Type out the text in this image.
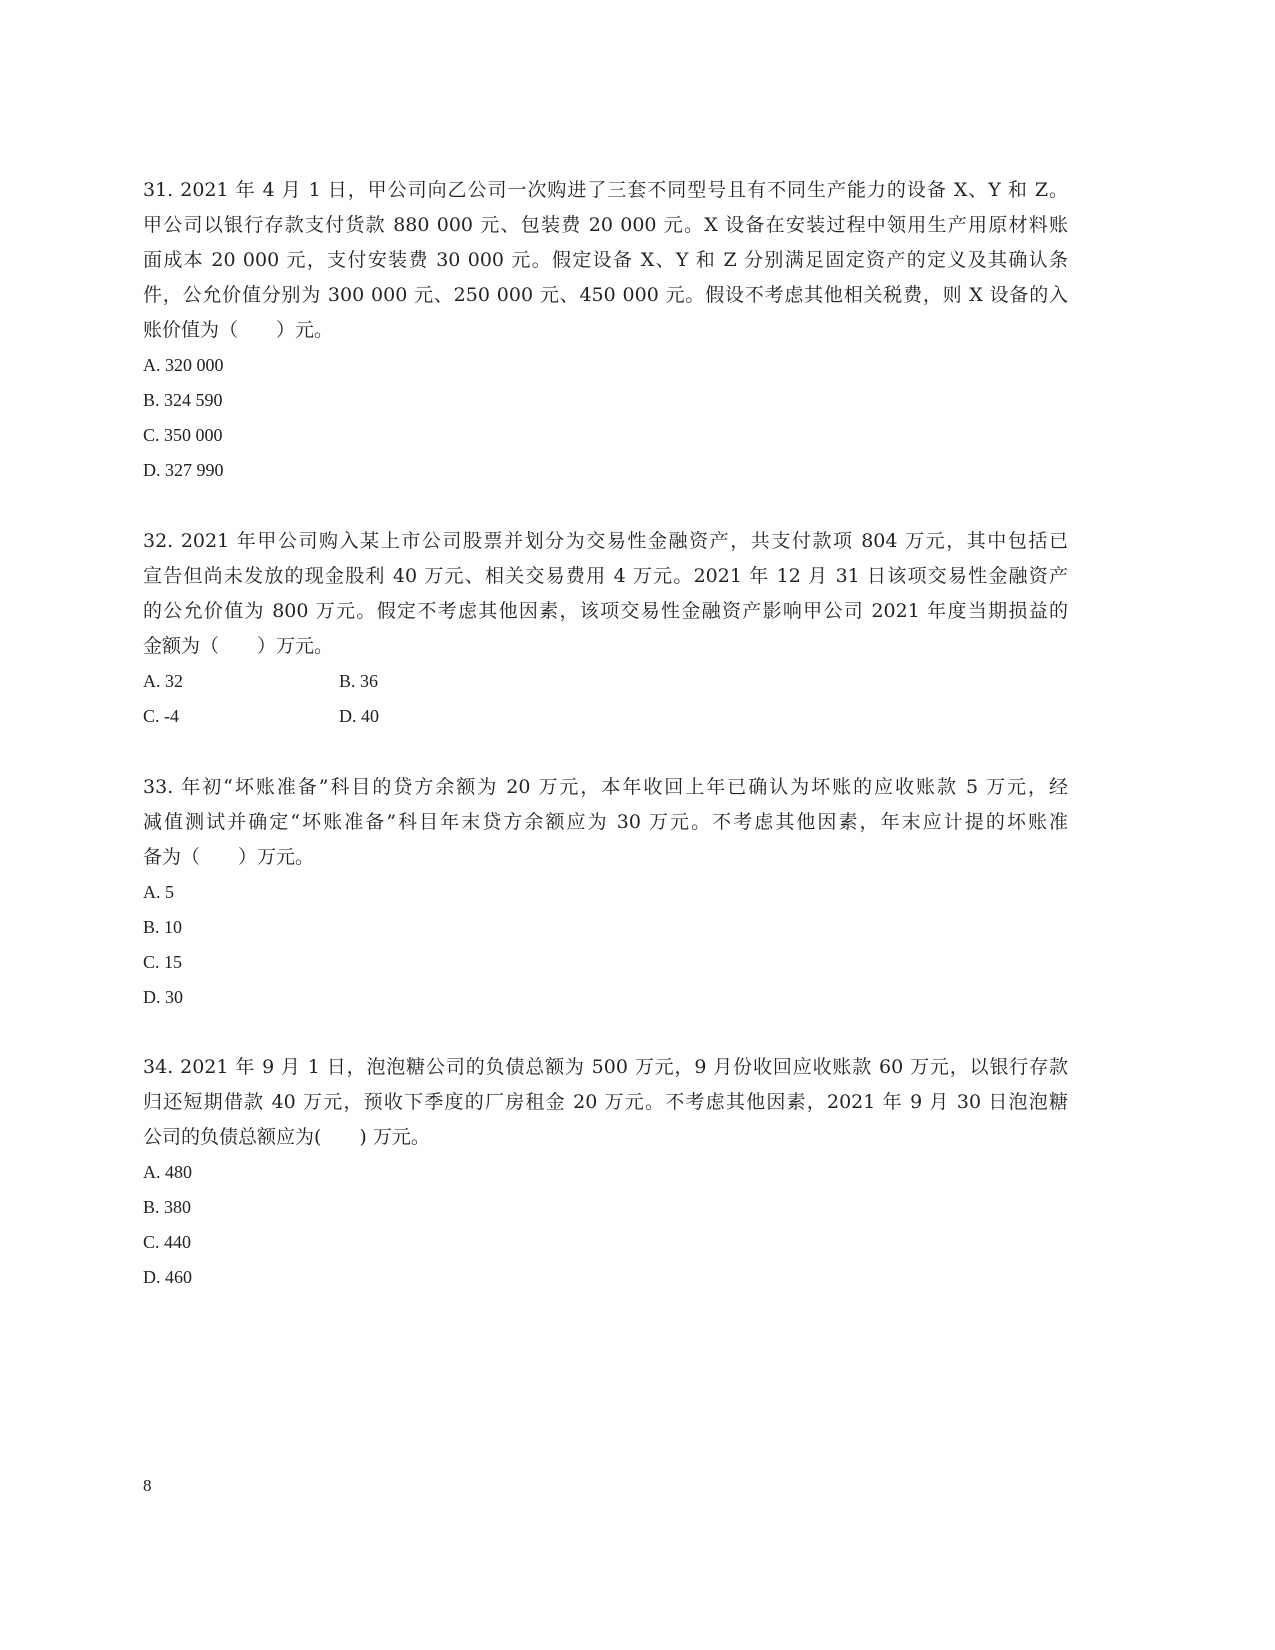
31. 2021 年 4 月 1 日，甲公司向乙公司一次购进了三套不同型号且有不同生产能力的设备 X、Y 和 Z。
甲公司以银行存款支付货款 880 000 元、包装费 20 000 元。X 设备在安装过程中领用生产用原材料账
面成本 20 000 元，支付安装费 30 000 元。假定设备 X、Y 和 Z 分别满足固定资产的定义及其确认条
件，公允价值分别为 300 000 元、250 000 元、450 000 元。假设不考虑其他相关税费，则 X 设备的入
账价值为（　　）元。
A. 320 000
B. 324 590
C. 350 000
D. 327 990
32. 2021 年甲公司购入某上市公司股票并划分为交易性金融资产，共支付款项 804 万元，其中包括已
宣告但尚未发放的现金股利 40 万元、相关交易费用 4 万元。2021 年 12 月 31 日该项交易性金融资产
的公允价值为 800 万元。假定不考虑其他因素，该项交易性金融资产影响甲公司 2021 年度当期损益的
金额为（　　）万元。
A. 32	B. 36
C. -4	D. 40
33. 年初“坏账准备”科目的贷方余额为 20 万元，本年收回上年已确认为坏账的应收账款 5 万元，经
减值测试并确定“坏账准备”科目年末贷方余额应为 30 万元。不考虑其他因素，年末应计提的坏账准
备为（　　）万元。
A. 5
B. 10
C. 15
D. 30
34. 2021 年 9 月 1 日，泡泡糖公司的负债总额为 500 万元，9 月份收回应收账款 60 万元，以银行存款
归还短期借款 40 万元，预收下季度的厂房租金 20 万元。不考虑其他因素，2021 年 9 月 30 日泡泡糖
公司的负债总额应为(　　) 万元。
A. 480
B. 380
C. 440
D. 460
8
